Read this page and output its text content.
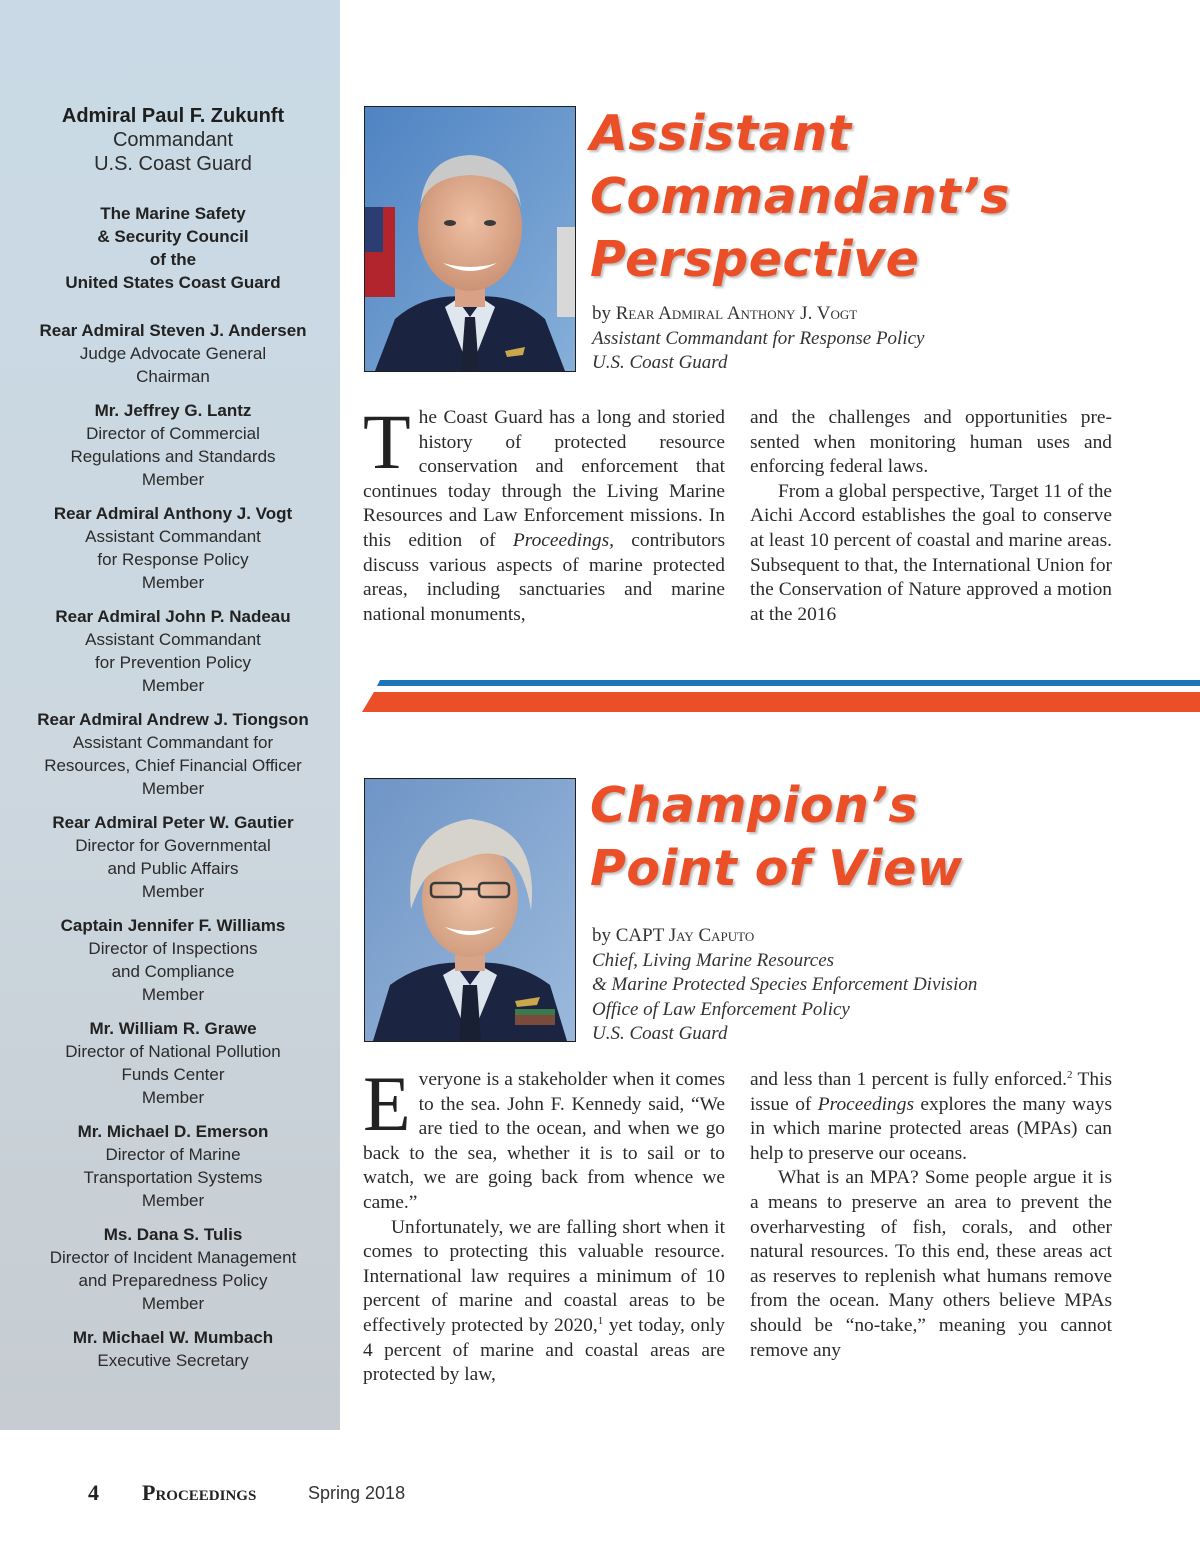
Admiral Paul F. Zukunft
Commandant
U.S. Coast Guard
The Marine Safety
& Security Council
of the
United States Coast Guard
Rear Admiral Steven J. Andersen
Judge Advocate General
Chairman
Mr. Jeffrey G. Lantz
Director of Commercial
Regulations and Standards
Member
Rear Admiral Anthony J. Vogt
Assistant Commandant
for Response Policy
Member
Rear Admiral John P. Nadeau
Assistant Commandant
for Prevention Policy
Member
Rear Admiral Andrew J. Tiongson
Assistant Commandant for
Resources, Chief Financial Officer
Member
Rear Admiral Peter W. Gautier
Director for Governmental
and Public Affairs
Member
Captain Jennifer F. Williams
Director of Inspections
and Compliance
Member
Mr. William R. Grawe
Director of National Pollution
Funds Center
Member
Mr. Michael D. Emerson
Director of Marine
Transportation Systems
Member
Ms. Dana S. Tulis
Director of Incident Management
and Preparedness Policy
Member
Mr. Michael W. Mumbach
Executive Secretary
Assistant
Commandant’s
Perspective
by Rear Admiral Anthony J. Vogt
Assistant Commandant for Response Policy
U.S. Coast Guard

The Coast Guard has a long and storied history of protected resource conservation and enforcement that continues today through the Living Marine Resources and Law Enforcement missions. In this edition of Proceedings, contributors discuss various aspects of marine protected areas, including sanctuaries and marine national monuments,

and the challenges and opportunities presented when monitoring human uses and enforcing federal laws.

From a global perspective, Target 11 of the Aichi Accord establishes the goal to conserve at least 10 percent of coastal and marine areas. Subsequent to that, the International Union for the Conservation of Nature approved a motion at the 2016

Champion’s
Point of View
by CAPT Jay Caputo
Chief, Living Marine Resources
& Marine Protected Species Enforcement Division
Office of Law Enforcement Policy
U.S. Coast Guard

Everyone is a stakeholder when it comes to the sea. John F. Kennedy said, “We are tied to the ocean, and when we go back to the sea, whether it is to sail or to watch, we are going back from whence we came.”

Unfortunately, we are falling short when it comes to protecting this valuable resource. International law requires a minimum of 10 percent of marine and coastal areas to be effectively protected by 2020,$^1$ yet today, only 4 percent of marine and coastal areas are protected by law,

and less than 1 percent is fully enforced.$^2$ This issue of Proceedings explores the many ways in which marine protected areas (MPAs) can help to preserve our oceans.

What is an MPA? Some people argue it is a means to preserve an area to prevent the overharvesting of fish, corals, and other natural resources. To this end, these areas act as reserves to replenish what humans remove from the ocean. Many others believe MPAs should be “no-take,” meaning you cannot remove any

4 Proceedings	Spring 2018
